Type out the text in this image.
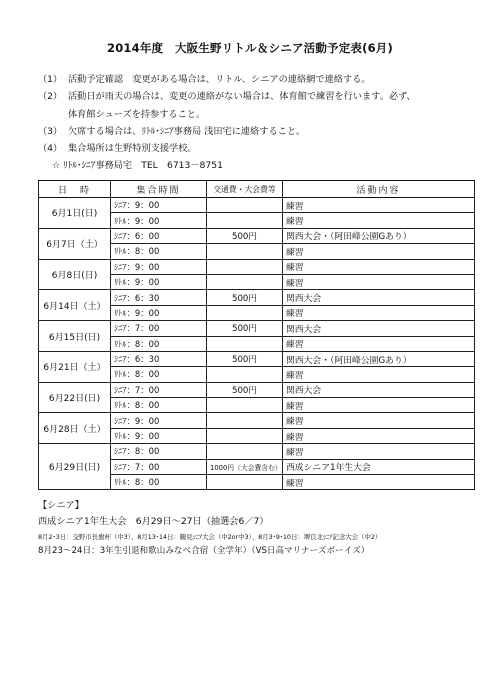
2014年度　大阪生野リトル＆シニア活動予定表(6月)
（1） 活動予定確認　変更がある場合は、リトル、シニアの連絡網で連絡する。
（2） 活動日が雨天の場合は、変更の連絡がない場合は、体育館で練習を行います。必ず、
体育館シューズを持参すること。
（3） 欠席する場合は、ﾘﾄﾙ･ｼﾆｱ事務局 浅田宅に連絡すること。
（4） 集合場所は生野特別支援学校。
☆ ﾘﾄﾙ･ｼﾆｱ事務局宅　TEL　6713－8751
日　時	集合時間	交通費・大会費等	活動内容
6月1日(日)	ｼﾆｱ：9：00		練習
	ﾘﾄﾙ：9：00		練習
6月7日（土）	ｼﾆｱ：6：00	500円	関西大会・（阿田峰公園Gあり）
	ﾘﾄﾙ：8：00		練習
6月8日(日)	ｼﾆｱ：9：00		練習
	ﾘﾄﾙ：9：00		練習
6月14日（土）	ｼﾆｱ：6：30	500円	関西大会
	ﾘﾄﾙ：9：00		練習
6月15日(日)	ｼﾆｱ：7：00	500円	関西大会
	ﾘﾄﾙ：8：00		練習
6月21日（土）	ｼﾆｱ：6：30	500円	関西大会・（阿田峰公園Gあり）
	ﾘﾄﾙ：8：00		練習
6月22日(日)	ｼﾆｱ：7：00	500円	関西大会
	ﾘﾄﾙ：8：00		練習
6月28日（土）	ｼﾆｱ：9：00		練習
	ﾘﾄﾙ：9：00		練習
6月29日(日)	ｼﾆｱ：8：00		練習
	ｼﾆｱ：7：00	1000円（大会費含む）	西成シニア1年生大会
	ﾘﾄﾙ：8：00		練習
【シニア】
西成シニア1年生大会　6月29日～27日（抽選会6／7）
8月2･3日：交野市長旗杯（中3）、8月13･14日：鶴見ｼﾆｱ大会（中2or中3）、8月3･9･10日：堺良北ｼﾆｱ記念大会（中2）
8月23～24日：3年生引退和歌山みなべ合宿（全学年）（VS日高マリナーズボーイズ）
